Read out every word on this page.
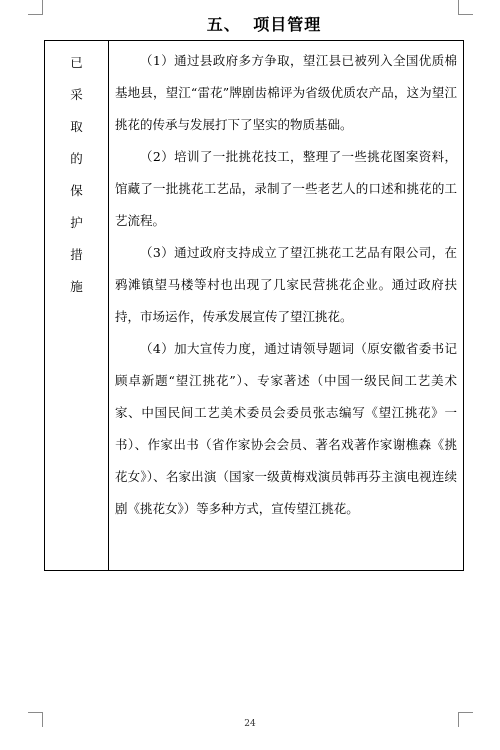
五、 项目管理
已
采
取
的
保
护
措
施

（1）通过县政府多方争取，望江县已被列入全国优质棉基地县，望江“雷花”牌剧齿棉评为省级优质农产品，这为望江挑花的传承与发展打下了坚实的物质基础。

（2）培训了一批挑花技工，整理了一些挑花图案资料，馆藏了一批挑花工艺品，录制了一些老艺人的口述和挑花的工艺流程。

（3）通过政府支持成立了望江挑花工艺品有限公司，在鸦滩镇望马楼等村也出现了几家民营挑花企业。通过政府扶持，市场运作，传承发展宣传了望江挑花。

（4）加大宣传力度，通过请领导题词（原安徽省委书记顾卓新题“望江挑花”）、专家著述（中国一级民间工艺美术家、中国民间工艺美术委员会委员张志编写《望江挑花》一书）、作家出书（省作家协会会员、著名戏著作家谢樵森《挑花女》）、名家出演（国家一级黄梅戏演员韩再芬主演电视连续剧《挑花女》）等多种方式，宣传望江挑花。

24
